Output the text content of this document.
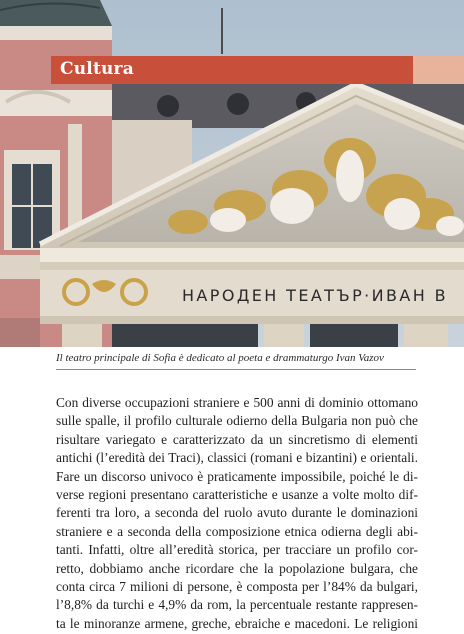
НАРОДЕН ТЕАТЪР·ИВАН В
Cultura
Il teatro principale di Sofia è dedicato al poeta e drammaturgo Ivan Vazov
Con diverse occupazioni straniere e 500 anni di dominio ottomano
sulle spalle, il profilo culturale odierno della Bulgaria non può che
risultare variegato e caratterizzato da un sincretismo di elementi
antichi (l’eredità dei Traci), classici (romani e bizantini) e orientali.
Fare un discorso univoco è praticamente impossibile, poiché le di-
verse regioni presentano caratteristiche e usanze a volte molto dif-
ferenti tra loro, a seconda del ruolo avuto durante le dominazioni
straniere e a seconda della composizione etnica odierna degli abi-
tanti. Infatti, oltre all’eredità storica, per tracciare un profilo cor-
retto, dobbiamo anche ricordare che la popolazione bulgara, che
conta circa 7 milioni di persone, è composta per l’84% da bulgari,
l’8,8% da turchi e 4,9% da rom, la percentuale restante rappresen-
ta le minoranze armene, greche, ebraiche e macedoni. Le religioni
